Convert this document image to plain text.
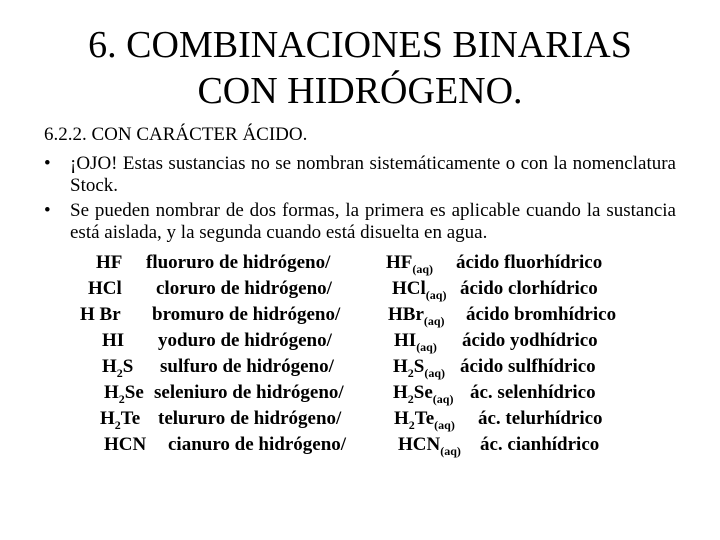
6. COMBINACIONES BINARIAS
CON HIDRÓGENO.
6.2.2. CON CARÁCTER ÁCIDO.
• ¡OJO! Estas sustancias no se nombran sistemáticamente o con la nomenclatura Stock.
• Se pueden nombrar de dos formas, la primera es aplicable cuando la sustancia está aislada, y la segunda cuando está disuelta en agua.
HF fluoruro de hidrógeno/	$HF_{(aq)}$ ácido fluorhídrico
HCl cloruro de hidrógeno/	HCl$_{(aq)}$ ácido clorhídrico
H Br bromuro de hidrógeno/	HBr$_{(aq)}$ ácido bromhídrico
HI yoduro de hidrógeno/	$HI_{(aq)}$ ácido yodhídrico
$H_2S$ sulfuro de hidrógeno/	$H_2S_{(aq)}$ ácido sulfhídrico
$H_2Se$ seleniuro de hidrógeno/	$H_2Se_{(aq)}$ ác. selenhídrico
$H_2Te$ telururo de hidrógeno/	$H_2Te_{(aq)}$ ác. telurhídrico
HCN cianuro de hidrógeno/	$HCN_{(aq)}$ ác. cianhídrico
